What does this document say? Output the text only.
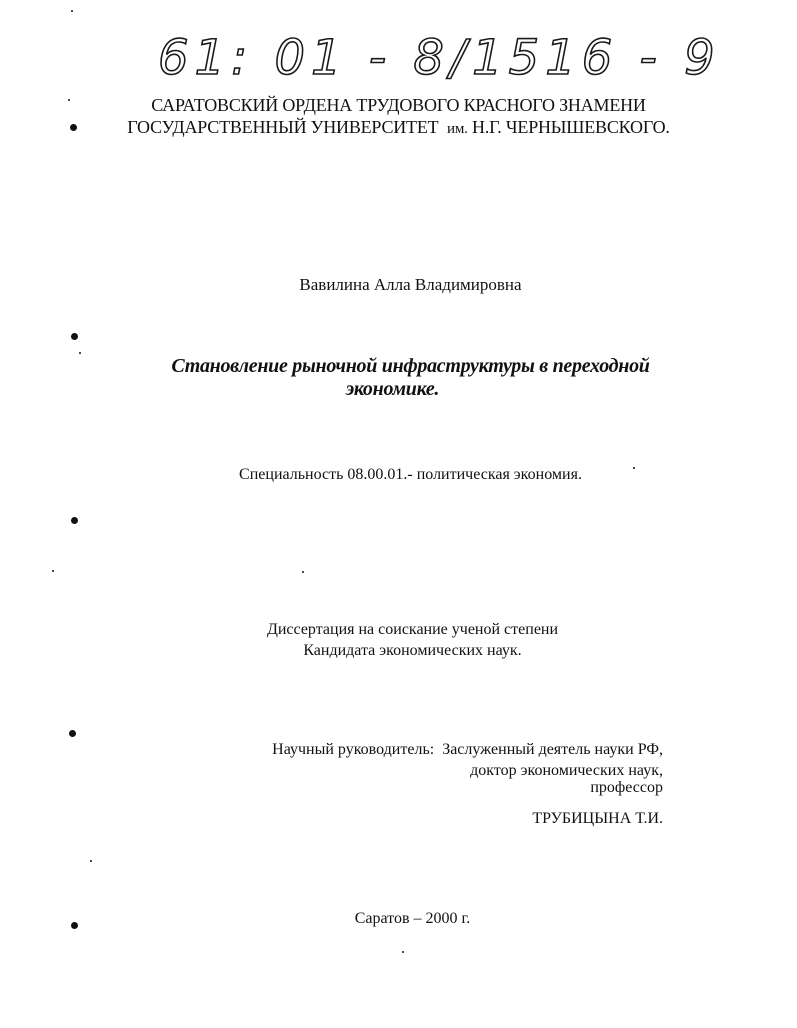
61: 01 - 8/1516 - 9
САРАТОВСКИЙ ОРДЕНА ТРУДОВОГО КРАСНОГО ЗНАМЕНИ
ГОСУДАРСТВЕННЫЙ УНИВЕРСИТЕТ им. Н.Г. ЧЕРНЫШЕВСКОГО.
Вавилина Алла Владимировна
Становление рыночной инфраструктуры в переходной
экономике.
Специальность 08.00.01.- политическая экономия.
Диссертация на соискание ученой степени
Кандидата экономических наук.
Научный руководитель: Заслуженный деятель науки РФ,
доктор экономических наук,
профессор
ТРУБИЦЫНА Т.И.
Саратов – 2000 г.
